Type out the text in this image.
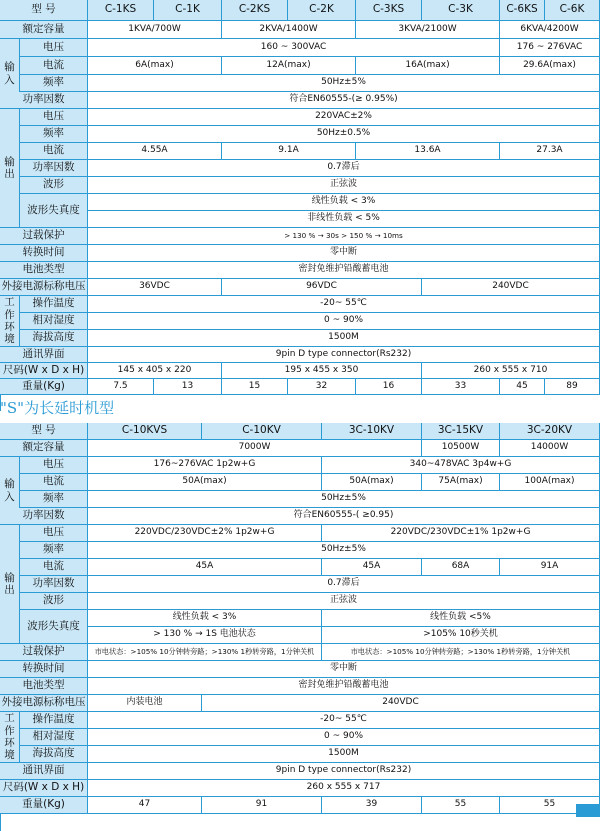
型 号	C-1KS	C-1K	C-2KS	C-2K	C-3KS	C-3K	C-6KS	C-6K
额定容量	1KVA/700W	2KVA/1400W	3KVA/2100W	6KVA/4200W
输入
电压	160 ~ 300VAC	176 ~ 276VAC
电流	6A(max)	12A(max)	16A(max)	29.6A(max)
频率	50Hz±5%
功率因数	符合EN60555-(≥ 0.95%)
输出
电压	220VAC±2%
频率	50Hz±0.5%
电流	4.55A	9.1A	13.6A	27.3A
功率因数	0.7滞后
波形	正弦波
波形失真度
线性负载 < 3%
非线性负载 < 5%
过载保护	> 130 % → 30s > 150 % → 10ms
转换时间	零中断
电池类型	密封免维护铅酸蓄电池
外接电源标称电压	36VDC	96VDC	240VDC
工作环境
操作温度	-20~ 55℃
相对湿度	0 ~ 90%
海拔高度	1500M
通讯界面	9pin D type connector(Rs232)
尺码(W x D x H)	145 x 405 x 220	195 x 455 x 350	260 x 555 x 710
重量(Kg)	7.5	13	15	32	16	33	45	89
"S"为长延时机型
型 号	C-10KVS	C-10KV	3C-10KV	3C-15KV	3C-20KV
额定容量	7000W	10500W	14000W
输入
电压	176~276VAC 1p2w+G	340~478VAC 3p4w+G
电流	50A(max)	50A(max)	75A(max)	100A(max)
频率	50Hz±5%
功率因数	符合EN60555-( ≥0.95)
输出
电压	220VDC/230VDC±2% 1p2w+G	220VDC/230VDC±1% 1p2w+G
频率	50Hz±5%
电流	45A	45A	68A	91A
功率因数	0.7滞后
波形	正弦波
波形失真度
线性负载 < 3%	线性负载 <5%
> 130 % → 1S 电池状态	>105% 10秒关机
过载保护	市电状态：>105% 10分钟转旁路；>130% 1秒转旁路，1分钟关机	市电状态：>105% 10分钟转旁路；>130% 1秒转旁路，1分钟关机
转换时间	零中断
电池类型	密封免维护铅酸蓄电池
外接电源标称电压	内装电池	240VDC
工作环境
操作温度	-20~ 55℃
相对湿度	0 ~ 90%
海拔高度	1500M
通讯界面	9pin D type connector(Rs232)
尺码(W x D x H)	260 x 555 x 717
重量(Kg)	47	91	39	55	55
